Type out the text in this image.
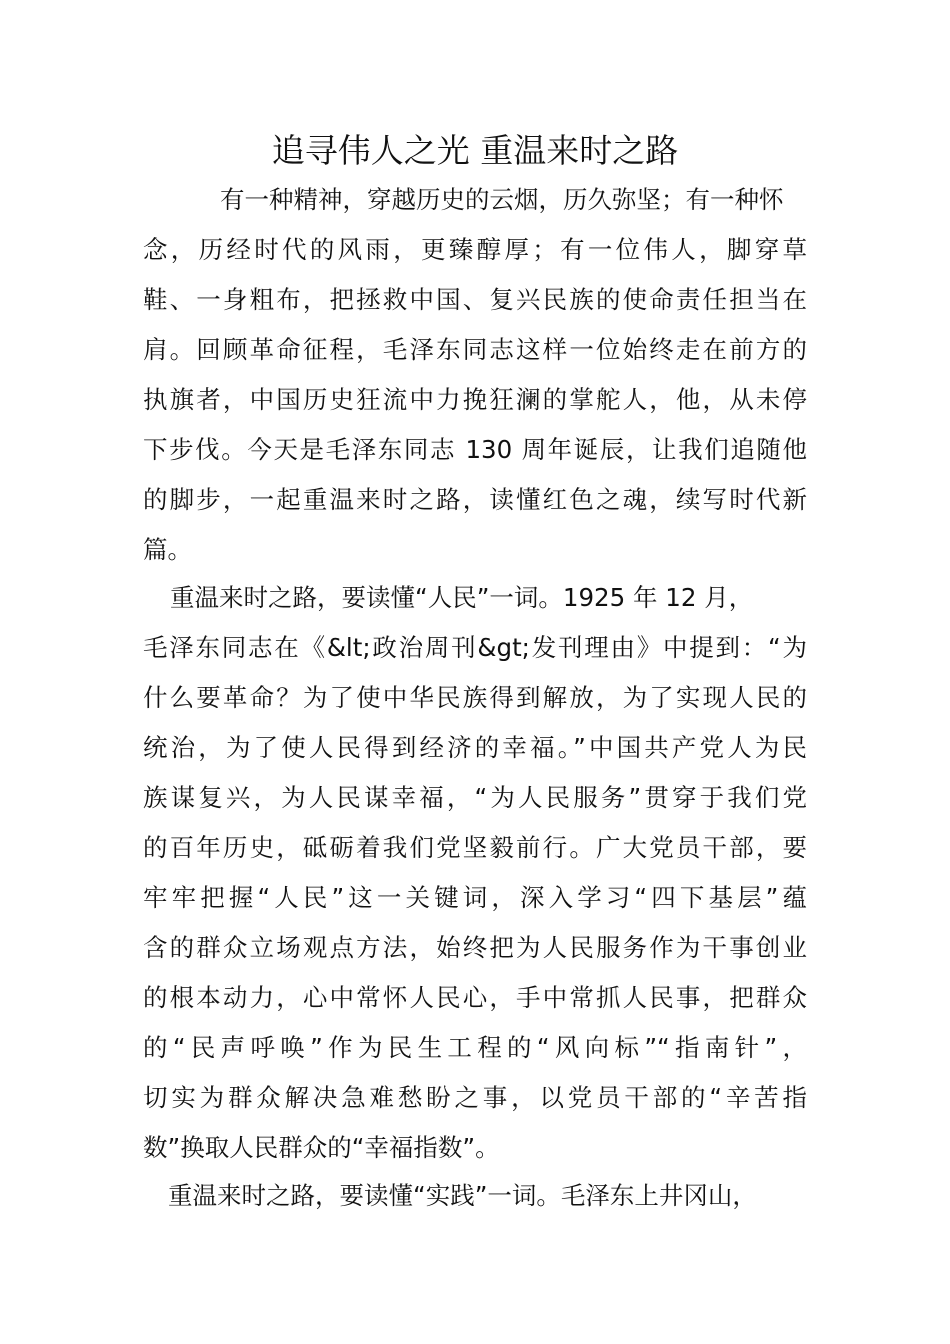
追寻伟人之光 重温来时之路

有一种精神，穿越历史的云烟，历久弥坚；有一种怀

念，历经时代的风雨，更臻醇厚；有一位伟人，脚穿草

鞋、一身粗布，把拯救中国、复兴民族的使命责任担当在

肩。回顾革命征程，毛泽东同志这样一位始终走在前方的

执旗者，中国历史狂流中力挽狂澜的掌舵人，他，从未停

下步伐。今天是毛泽东同志 130 周年诞辰，让我们追随他

的脚步，一起重温来时之路，读懂红色之魂，续写时代新

篇。

重温来时之路，要读懂“人民”一词。1925 年 12 月，

毛泽东同志在《&lt;政治周刊&gt;发刊理由》中提到：“为

什么要革命？为了使中华民族得到解放，为了实现人民的

统治，为了使人民得到经济的幸福。”中国共产党人为民

族谋复兴，为人民谋幸福，“为人民服务”贯穿于我们党

的百年历史，砥砺着我们党坚毅前行。广大党员干部，要

牢牢把握“人民”这一关键词，深入学习“四下基层”蕴

含的群众立场观点方法，始终把为人民服务作为干事创业

的根本动力，心中常怀人民心，手中常抓人民事，把群众

的“民声呼唤”作为民生工程的“风向标”“指南针”，

切实为群众解决急难愁盼之事，以党员干部的“辛苦指

数”换取人民群众的“幸福指数”。

重温来时之路，要读懂“实践”一词。毛泽东上井冈山，
